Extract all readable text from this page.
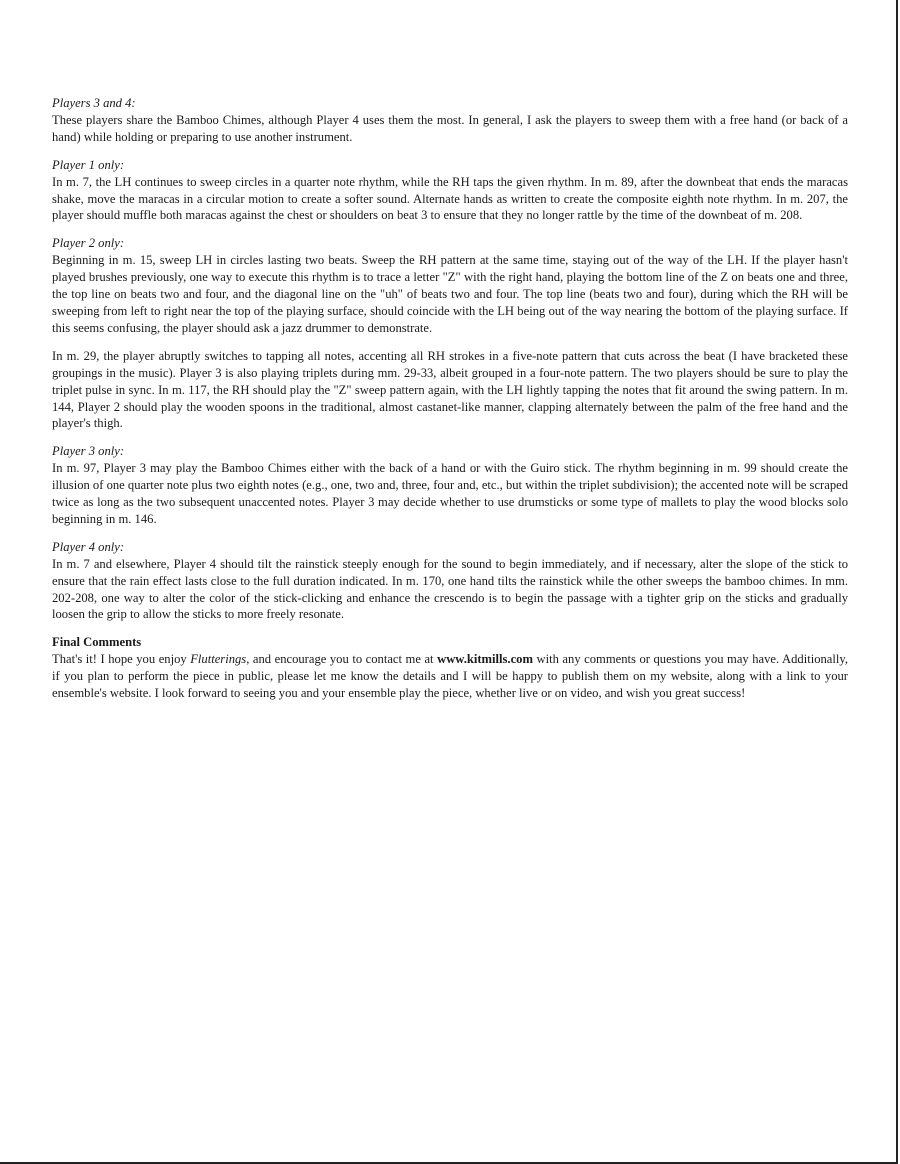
Players 3 and 4:

These players share the Bamboo Chimes, although Player 4 uses them the most. In general, I ask the players to sweep them with a free hand (or back of a hand) while holding or preparing to use another instrument.

Player 1 only:

In m. 7, the LH continues to sweep circles in a quarter note rhythm, while the RH taps the given rhythm. In m. 89, after the downbeat that ends the maracas shake, move the maracas in a circular motion to create a softer sound. Alternate hands as written to create the composite eighth note rhythm. In m. 207, the player should muffle both maracas against the chest or shoulders on beat 3 to ensure that they no longer rattle by the time of the downbeat of m. 208.

Player 2 only:

Beginning in m. 15, sweep LH in circles lasting two beats. Sweep the RH pattern at the same time, staying out of the way of the LH. If the player hasn't played brushes previously, one way to execute this rhythm is to trace a letter "Z" with the right hand, playing the bottom line of the Z on beats one and three, the top line on beats two and four, and the diagonal line on the "uh" of beats two and four. The top line (beats two and four), during which the RH will be sweeping from left to right near the top of the playing surface, should coincide with the LH being out of the way nearing the bottom of the playing surface. If this seems confusing, the player should ask a jazz drummer to demonstrate.

In m. 29, the player abruptly switches to tapping all notes, accenting all RH strokes in a five-note pattern that cuts across the beat (I have bracketed these groupings in the music). Player 3 is also playing triplets during mm. 29-33, albeit grouped in a four-note pattern. The two players should be sure to play the triplet pulse in sync. In m. 117, the RH should play the "Z" sweep pattern again, with the LH lightly tapping the notes that fit around the swing pattern. In m. 144, Player 2 should play the wooden spoons in the traditional, almost castanet-like manner, clapping alternately between the palm of the free hand and the player's thigh.

Player 3 only:

In m. 97, Player 3 may play the Bamboo Chimes either with the back of a hand or with the Guiro stick. The rhythm beginning in m. 99 should create the illusion of one quarter note plus two eighth notes (e.g., one, two and, three, four and, etc., but within the triplet subdivision); the accented note will be scraped twice as long as the two subsequent unaccented notes. Player 3 may decide whether to use drumsticks or some type of mallets to play the wood blocks solo beginning in m. 146.

Player 4 only:

In m. 7 and elsewhere, Player 4 should tilt the rainstick steeply enough for the sound to begin immediately, and if necessary, alter the slope of the stick to ensure that the rain effect lasts close to the full duration indicated. In m. 170, one hand tilts the rainstick while the other sweeps the bamboo chimes. In mm. 202-208, one way to alter the color of the stick-clicking and enhance the crescendo is to begin the passage with a tighter grip on the sticks and gradually loosen the grip to allow the sticks to more freely resonate.

Final Comments

That's it! I hope you enjoy Flutterings, and encourage you to contact me at www.kitmills.com with any comments or questions you may have. Additionally, if you plan to perform the piece in public, please let me know the details and I will be happy to publish them on my website, along with a link to your ensemble's website. I look forward to seeing you and your ensemble play the piece, whether live or on video, and wish you great success!
